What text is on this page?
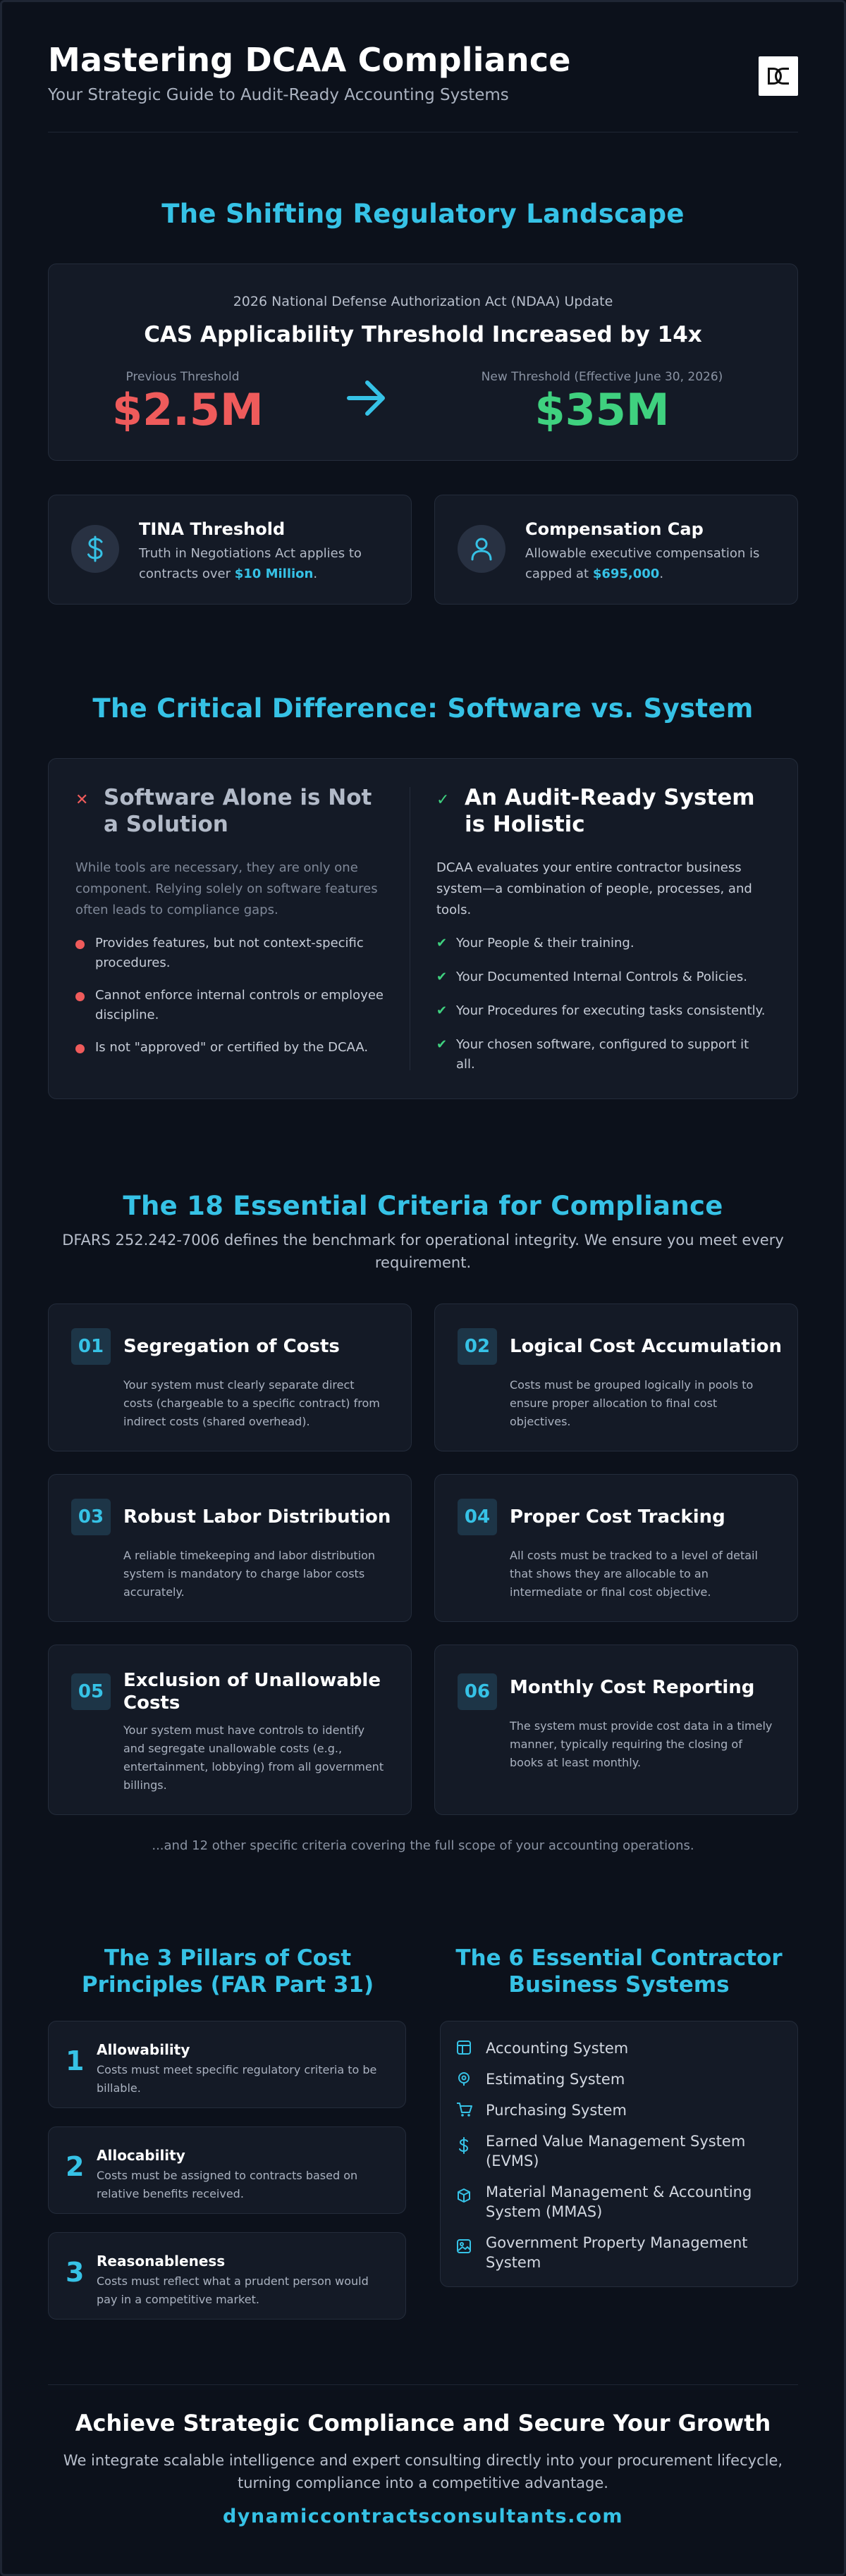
Mastering DCAA Compliance
Your Strategic Guide to Audit-Ready Accounting Systems
The Shifting Regulatory Landscape
2026 National Defense Authorization Act (NDAA) Update
CAS Applicability Threshold Increased by 14x
Previous Threshold
$2.5M
New Threshold (Effective June 30, 2026)
$35M
TINA Threshold
Truth in Negotiations Act applies to contracts over $10 Million.
Compensation Cap
Allowable executive compensation is capped at $695,000.
The Critical Difference: Software vs. System
✕ Software Alone is Not a Solution
While tools are necessary, they are only one component. Relying solely on software features often leads to compliance gaps.
Provides features, but not context-specific procedures.
Cannot enforce internal controls or employee discipline.
Is not "approved" or certified by the DCAA.
✓ An Audit-Ready System is Holistic
DCAA evaluates your entire contractor business system—a combination of people, processes, and tools.
✔ Your People & their training.
✔ Your Documented Internal Controls & Policies.
✔ Your Procedures for executing tasks consistently.
✔ Your chosen software, configured to support it all.
The 18 Essential Criteria for Compliance
DFARS 252.242-7006 defines the benchmark for operational integrity. We ensure you meet every requirement.
01	Segregation of Costs
Your system must clearly separate direct costs (chargeable to a specific contract) from indirect costs (shared overhead).
02	Logical Cost Accumulation
Costs must be grouped logically in pools to ensure proper allocation to final cost objectives.
03	Robust Labor Distribution
A reliable timekeeping and labor distribution system is mandatory to charge labor costs accurately.
04	Proper Cost Tracking
All costs must be tracked to a level of detail that shows they are allocable to an intermediate or final cost objective.
05
Exclusion of Unallowable Costs
Your system must have controls to identify and segregate unallowable costs (e.g., entertainment, lobbying) from all government billings.
06	Monthly Cost Reporting
The system must provide cost data in a timely manner, typically requiring the closing of books at least monthly.
...and 12 other specific criteria covering the full scope of your accounting operations.
The 3 Pillars of Cost Principles (FAR Part 31)
1 Allowability
Costs must meet specific regulatory criteria to be billable.
2 Allocability
Costs must be assigned to contracts based on relative benefits received.
3 Reasonableness
Costs must reflect what a prudent person would pay in a competitive market.
The 6 Essential Contractor Business Systems
Accounting System
Estimating System
Purchasing System
Earned Value Management System (EVMS)
Material Management & Accounting System (MMAS)
Government Property Management System
Achieve Strategic Compliance and Secure Your Growth
We integrate scalable intelligence and expert consulting directly into your procurement lifecycle, turning compliance into a competitive advantage.
dynamiccontractsconsultants.com
